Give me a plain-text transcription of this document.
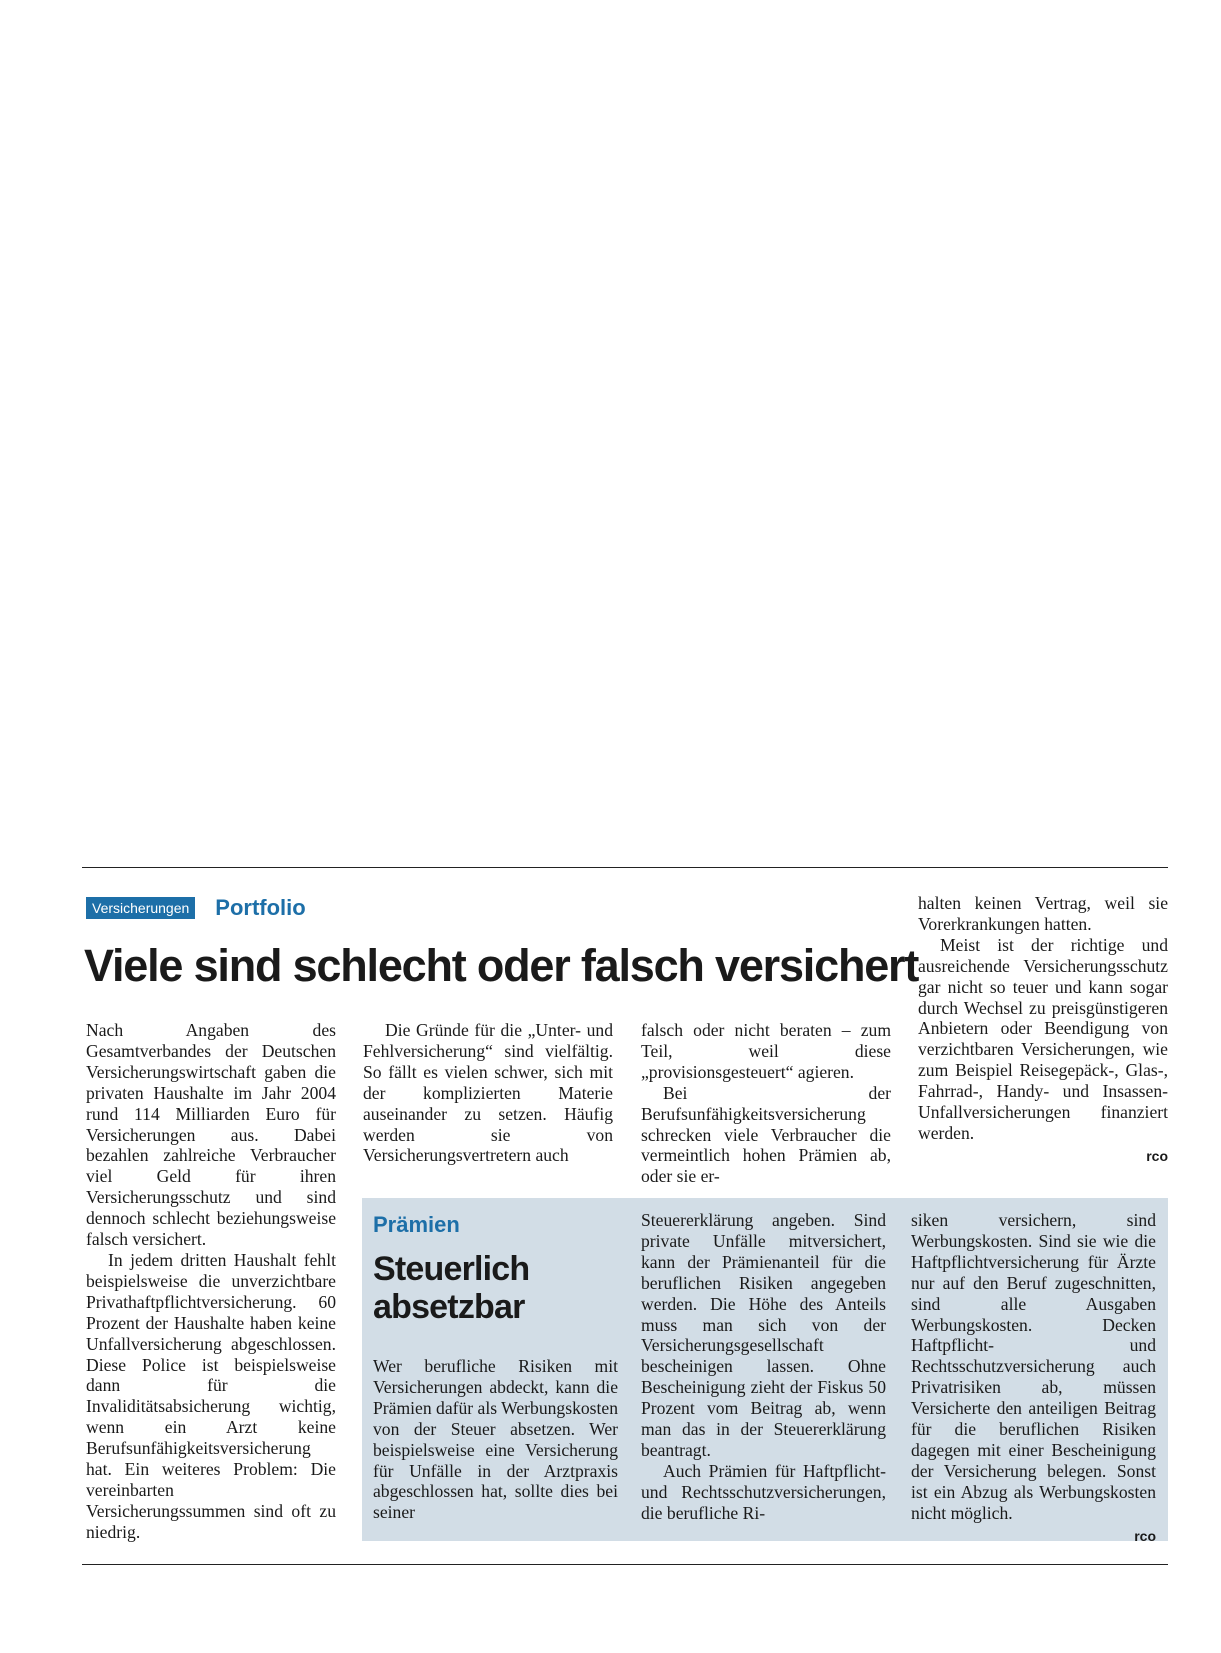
Versicherungen Portfolio
Viele sind schlecht oder falsch versichert

Nach Angaben des Gesamtverbandes der Deutschen Versicherungswirtschaft gaben die privaten Haushalte im Jahr 2004 rund 114 Milliarden Euro für Versicherungen aus. Dabei bezahlen zahlreiche Verbraucher viel Geld für ihren Versicherungsschutz und sind dennoch schlecht beziehungsweise falsch versichert.

In jedem dritten Haushalt fehlt beispielsweise die unverzichtbare Privathaftpflichtversicherung. 60 Prozent der Haushalte haben keine Unfallversicherung abgeschlossen. Diese Police ist beispielsweise dann für die Invaliditätsabsicherung wichtig, wenn ein Arzt keine Berufsunfähigkeitsversicherung hat. Ein weiteres Problem: Die vereinbarten Versicherungssummen sind oft zu niedrig.

Die Gründe für die „Unter- und Fehlversicherung“ sind vielfältig. So fällt es vielen schwer, sich mit der komplizierten Materie auseinander zu setzen. Häufig werden sie von Versicherungsvertretern auch

falsch oder nicht beraten – zum Teil, weil diese „provisionsgesteuert“ agieren.

Bei der Berufsunfähigkeitsversicherung schrecken viele Verbraucher die vermeintlich hohen Prämien ab, oder sie er-

halten keinen Vertrag, weil sie Vorerkrankungen hatten.

Meist ist der richtige und ausreichende Versicherungsschutz gar nicht so teuer und kann sogar durch Wechsel zu preisgünstigeren Anbietern oder Beendigung von verzichtbaren Versicherungen, wie zum Beispiel Reisegepäck-, Glas-, Fahrrad-, Handy- und Insassen-Unfallversicherungen finanziert werden.

rco
Prämien
Steuerlich absetzbar

Wer berufliche Risiken mit Versicherungen abdeckt, kann die Prämien dafür als Werbungskosten von der Steuer absetzen. Wer beispielsweise eine Versicherung für Unfälle in der Arztpraxis abgeschlossen hat, sollte dies bei seiner

Steuererklärung angeben. Sind private Unfälle mitversichert, kann der Prämienanteil für die beruflichen Risiken angegeben werden. Die Höhe des Anteils muss man sich von der Versicherungsgesellschaft bescheinigen lassen. Ohne Bescheinigung zieht der Fiskus 50 Prozent vom Beitrag ab, wenn man das in der Steuererklärung beantragt.

Auch Prämien für Haftpflicht- und Rechtsschutzversicherungen, die berufliche Ri-

siken versichern, sind Werbungskosten. Sind sie wie die Haftpflichtversicherung für Ärzte nur auf den Beruf zugeschnitten, sind alle Ausgaben Werbungskosten. Decken Haftpflicht- und Rechtsschutzversicherung auch Privatrisiken ab, müssen Versicherte den anteiligen Beitrag für die beruflichen Risiken dagegen mit einer Bescheinigung der Versicherung belegen. Sonst ist ein Abzug als Werbungskosten nicht möglich.

rco
